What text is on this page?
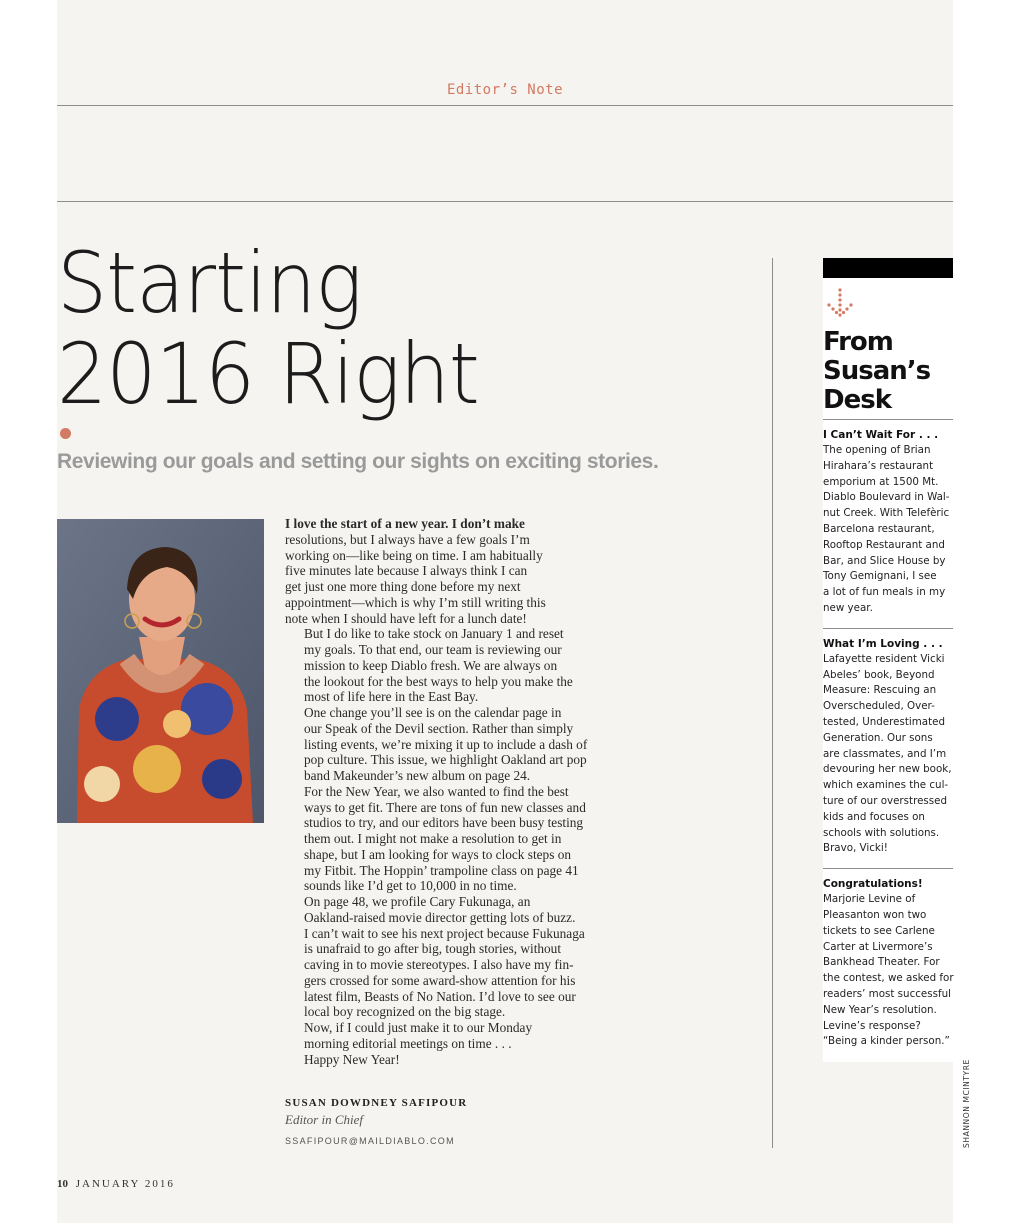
Editor’s Note
Starting
2016 Right
Reviewing our goals and setting our sights on exciting stories.

I love the start of a new year. I don’t make
resolutions, but I always have a few goals I’m
working on—like being on time. I am habitually
five minutes late because I always think I can
get just one more thing done before my next
appointment—which is why I’m still writing this
note when I should have left for a lunch date!

But I do like to take stock on January 1 and reset
my goals. To that end, our team is reviewing our
mission to keep Diablo fresh. We are always on
the lookout for the best ways to help you make the
most of life here in the East Bay.

One change you’ll see is on the calendar page in
our Speak of the Devil section. Rather than simply
listing events, we’re mixing it up to include a dash of
pop culture. This issue, we highlight Oakland art pop
band Makeunder’s new album on page 24.

For the New Year, we also wanted to find the best
ways to get fit. There are tons of fun new classes and
studios to try, and our editors have been busy testing
them out. I might not make a resolution to get in
shape, but I am looking for ways to clock steps on
my Fitbit. The Hoppin’ trampoline class on page 41
sounds like I’d get to 10,000 in no time.

On page 48, we profile Cary Fukunaga, an
Oakland-raised movie director getting lots of buzz.
I can’t wait to see his next project because Fukunaga
is unafraid to go after big, tough stories, without
caving in to movie stereotypes. I also have my fin-
gers crossed for some award-show attention for his
latest film, Beasts of No Nation. I’d love to see our
local boy recognized on the big stage.

Now, if I could just make it to our Monday
morning editorial meetings on time . . .

Happy New Year!

SUSAN DOWDNEY SAFIPOUR
Editor in Chief
SSAFIPOUR@MAILDIABLO.COM
From
Susan’s
Desk
I Can’t Wait For . . .
The opening of Brian
Hirahara’s restaurant
emporium at 1500 Mt.
Diablo Boulevard in Wal-
nut Creek. With Telefèric
Barcelona restaurant,
Rooftop Restaurant and
Bar, and Slice House by
Tony Gemignani, I see
a lot of fun meals in my
new year.
What I’m Loving . . .
Lafayette resident Vicki
Abeles’ book, Beyond
Measure: Rescuing an
Overscheduled, Over-
tested, Underestimated
Generation. Our sons
are classmates, and I’m
devouring her new book,
which examines the cul-
ture of our overstressed
kids and focuses on
schools with solutions.
Bravo, Vicki!
Congratulations!
Marjorie Levine of
Pleasanton won two
tickets to see Carlene
Carter at Livermore’s
Bankhead Theater. For
the contest, we asked for
readers’ most successful
New Year’s resolution.
Levine’s response?
“Being a kinder person.”
SHANNON MCINTYRE
10 JANUARY 2016
